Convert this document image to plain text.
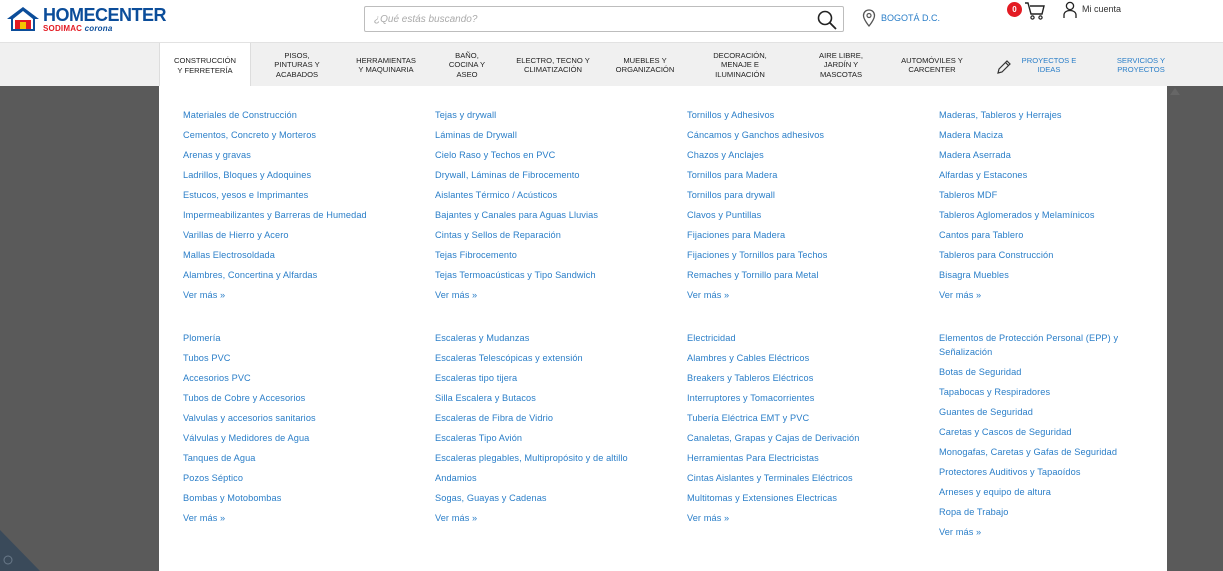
HOMECENTER
SODIMAC corona
¿Qué estás buscando?
BOGOTÁ D.C.
0	Mi cuenta
CONSTRUCCIÓN
Y FERRETERÍA
PISOS,
PINTURAS Y
ACABADOS
HERRAMIENTAS
Y MAQUINARIA
BAÑO,
COCINA Y
ASEO
ELECTRO, TECNO Y
CLIMATIZACIÓN
MUEBLES Y
ORGANIZACIÓN
DECORACIÓN,
MENAJE E
ILUMINACIÓN
AIRE LIBRE,
JARDÍN Y
MASCOTAS
AUTOMÓVILES Y
CARCENTER
PROYECTOS E
IDEAS
SERVICIOS Y
PROYECTOS
Materiales de Construcción
Cementos, Concreto y Morteros
Arenas y gravas
Ladrillos, Bloques y Adoquines
Estucos, yesos e Imprimantes
Impermeabilizantes y Barreras de Humedad
Varillas de Hierro y Acero
Mallas Electrosoldada
Alambres, Concertina y Alfardas
Ver más »
Tejas y drywall
Láminas de Drywall
Cielo Raso y Techos en PVC
Drywall, Láminas de Fibrocemento
Aislantes Térmico / Acústicos
Bajantes y Canales para Aguas Lluvias
Cintas y Sellos de Reparación
Tejas Fibrocemento
Tejas Termoacústicas y Tipo Sandwich
Ver más »
Tornillos y Adhesivos
Cáncamos y Ganchos adhesivos
Chazos y Anclajes
Tornillos para Madera
Tornillos para drywall
Clavos y Puntillas
Fijaciones para Madera
Fijaciones y Tornillos para Techos
Remaches y Tornillo para Metal
Ver más »
Maderas, Tableros y Herrajes
Madera Maciza
Madera Aserrada
Alfardas y Estacones
Tableros MDF
Tableros Aglomerados y Melamínicos
Cantos para Tablero
Tableros para Construcción
Bisagra Muebles
Ver más »
Plomería
Tubos PVC
Accesorios PVC
Tubos de Cobre y Accesorios
Valvulas y accesorios sanitarios
Válvulas y Medidores de Agua
Tanques de Agua
Pozos Séptico
Bombas y Motobombas
Ver más »
Escaleras y Mudanzas
Escaleras Telescópicas y extensión
Escaleras tipo tijera
Silla Escalera y Butacos
Escaleras de Fibra de Vidrio
Escaleras Tipo Avión
Escaleras plegables, Multipropósito y de altillo
Andamios
Sogas, Guayas y Cadenas
Ver más »
Electricidad
Alambres y Cables Eléctricos
Breakers y Tableros Eléctricos
Interruptores y Tomacorrientes
Tubería Eléctrica EMT y PVC
Canaletas, Grapas y Cajas de Derivación
Herramientas Para Electricistas
Cintas Aislantes y Terminales Eléctricos
Multitomas y Extensiones Electricas
Ver más »
Elementos de Protección Personal (EPP) y Señalización
Botas de Seguridad
Tapabocas y Respiradores
Guantes de Seguridad
Caretas y Cascos de Seguridad
Monogafas, Caretas y Gafas de Seguridad
Protectores Auditivos y Tapaoídos
Arneses y equipo de altura
Ropa de Trabajo
Ver más »
